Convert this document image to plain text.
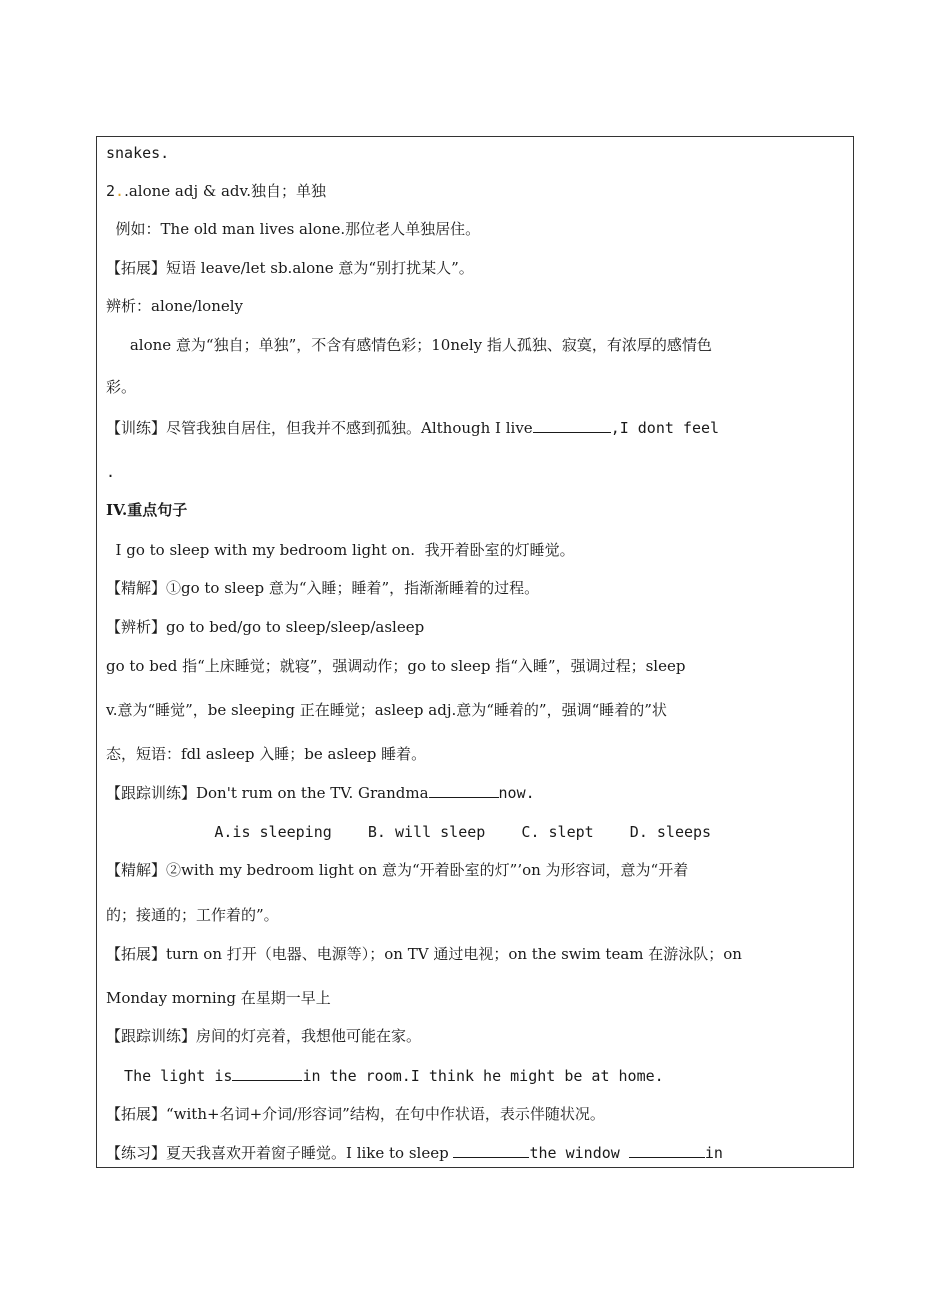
snakes.
2..alone adj & adv.独自；单独
例如：The old man lives alone.那位老人单独居住。
【拓展】短语 leave/let sb.alone 意为“别打扰某人”。
辨析：alone/lonely
alone 意为“独自；单独”，不含有感情色彩；10nely 指人孤独、寂寞，有浓厚的感情色
彩。
【训练】尽管我独自居住，但我并不感到孤独。Although I live	,I dont feel
.
IV.重点句子
I go to sleep with my bedroom light on.  我开着卧室的灯睡觉。
【精解】①go to sleep 意为“入睡；睡着”，指渐渐睡着的过程。
【辨析】go to bed/go to sleep/sleep/asleep
go to bed 指“上床睡觉；就寝”，强调动作；go to sleep 指“入睡”，强调过程；sleep
v.意为“睡觉”，be sleeping 正在睡觉；asleep adj.意为“睡着的”，强调“睡着的”状
态，短语：fdl asleep 入睡；be asleep 睡着。
【跟踪训练】Don't rum on the TV. Grandma	now.
A.is sleeping    B. will sleep    C. slept    D. sleeps
【精解】②with my bedroom light on 意为“开着卧室的灯”’on 为形容词，意为“开着
的；接通的；工作着的”。
【拓展】turn on 打开（电器、电源等）；on TV 通过电视；on the swim team 在游泳队；on
Monday morning 在星期一早上
【跟踪训练】房间的灯亮着，我想他可能在家。
The light is	in the room.I think he might be at home.
【拓展】“with+名词+介词/形容词”结构，在句中作状语，表示伴随状况。
【练习】夏天我喜欢开着窗子睡觉。I like to sleep	the window	in
